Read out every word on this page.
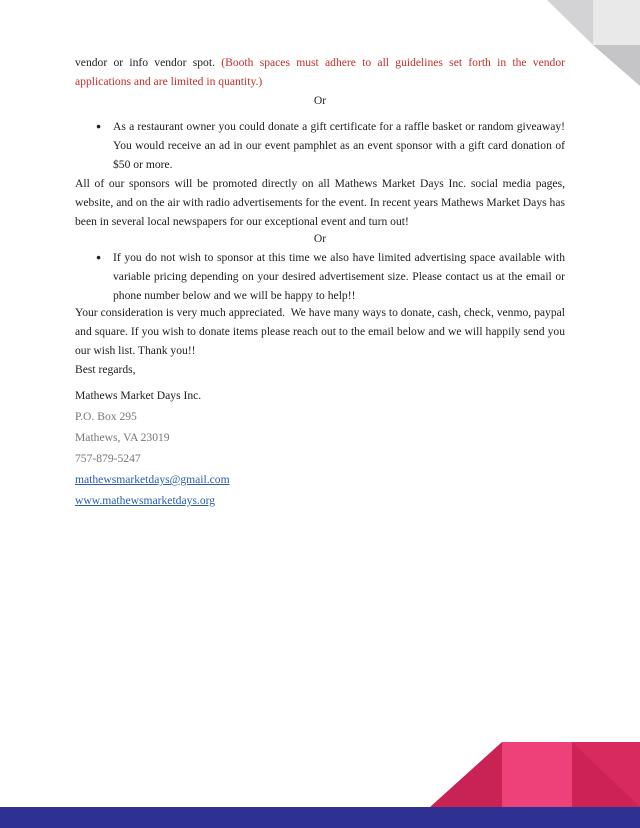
vendor or info vendor spot. (Booth spaces must adhere to all guidelines set forth in the vendor applications and are limited in quantity.)

Or

●	As a restaurant owner you could donate a gift certificate for a raffle basket or random giveaway! You would receive an ad in our event pamphlet as an event sponsor with a gift card donation of $50 or more.

All of our sponsors will be promoted directly on all Mathews Market Days Inc. social media pages, website, and on the air with radio advertisements for the event. In recent years Mathews Market Days has been in several local newspapers for our exceptional event and turn out!

Or

●	If you do not wish to sponsor at this time we also have limited advertising space available with variable pricing depending on your desired advertisement size. Please contact us at the email or phone number below and we will be happy to help!!

Your consideration is very much appreciated.  We have many ways to donate, cash, check, venmo, paypal and square. If you wish to donate items please reach out to the email below and we will happily send you our wish list. Thank you!!

Best regards,

Mathews Market Days Inc.

P.O. Box 295

Mathews, VA 23019

757-879-5247

mathewsmarketdays@gmail.com

www.mathewsmarketdays.org
